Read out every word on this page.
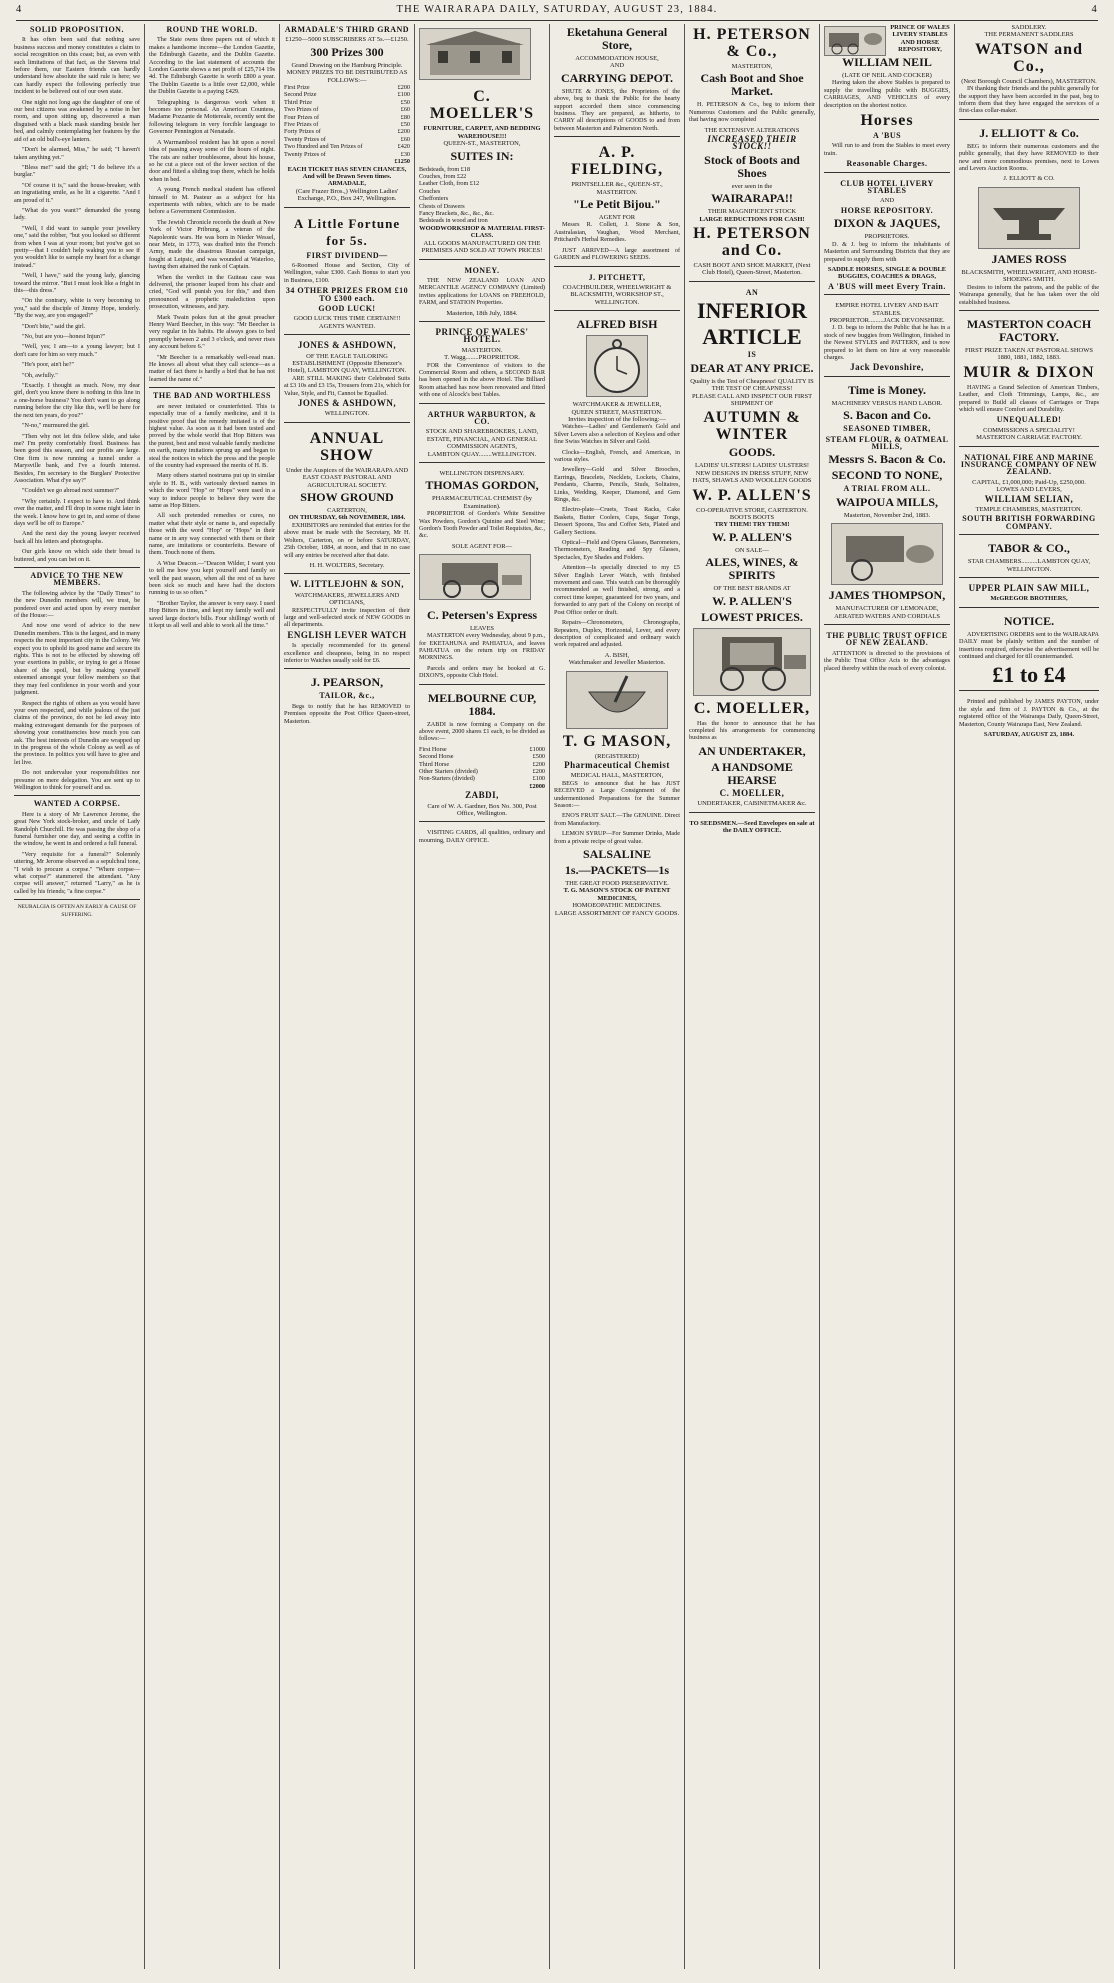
4	THE WAIRARAPA DAILY, SATURDAY, AUGUST 23, 1884.	4
SOLID PROPOSITION.

It has often been said that nothing save business success and money constitutes a claim to social recognition on this coast; but, as even with such limitations of that fact, as the Stevens trial before them, our Eastern friends can hardly understand how absolute the said rule is here; we can hardly expect the following perfectly true incident to be believed out of our own state.

One night not long ago the daughter of one of our best citizens was awakened by a noise in her room, and upon sitting up, discovered a man disguised with a black mask standing beside her bed, and calmly contemplating her features by the aid of an old bull's-eye lantern.

"Don't be alarmed, Miss," he said; "I haven't taken anything yet."

"Bless me!" said the girl; "I do believe it's a burglar."

"Of course it is," said the house-breaker, with an ingratiating smile, as he lit a cigarette. "And I am proud of it."

"What do you want?" demanded the young lady.

"Well, I did want to sample your jewellery one," said the robber, "but you looked so different from when I was at your room; but you've got so pretty—that I couldn't help waking you to see if you wouldn't like to sample my heart for a change instead."

"Well, I have," said the young lady, glancing toward the mirror. "But I must look like a fright in this—this dress."

"On the contrary, white is very becoming to you," said the disciple of Jimmy Hope, tenderly. "By the way, are you engaged?"

"Don't bite," said the girl.

"No, but are you—honest Injun?"

"Well, yes; I am—to a young lawyer; but I don't care for him so very much."

"He's poor, ain't he?"

"Oh, awfully."

"Exactly. I thought as much. Now, my dear girl, don't you know there is nothing in this line in a one-horse business? You don't want to go along running before the city like this, we'll be here for the next ten years, do you?"

"N-no," murmured the girl.

"Then why not let this fellow slide, and take me? I'm pretty comfortably fixed. Business has been good this season, and our profits are large. One firm is now running a tunnel under a Marysville bank, and I've a fourth interest. Besides, I'm secretary to the Burglars' Protective Association. What d'ye say?"

"Couldn't we go abroad next summer?"

"Why certainly. I expect to have to. And think over the matter, and I'll drop in some night later in the week. I know how to get in, and some of these days we'll be off to Europe."

And the next day the young lawyer received back all his letters and photographs.

Our girls know on which side their bread is buttered, and you can bet on it.

ADVICE TO THE NEW MEMBERS.

The following advice by the "Daily Times" to the new Dunedin members will, we trust, be pondered over and acted upon by every member of the House:—

And now one word of advice to the new Dunedin members. This is the largest, and in many respects the most important city in the Colony. We expect you to uphold its good name and secure its rights. This is not to be effected by showing off your exertions in public, or trying to get a House share of the spoil, but by making yourself esteemed amongst your fellow members so that they may feel confidence in your worth and your judgment.

Respect the rights of others as you would have your own respected, and while jealous of the just claims of the province, do not be led away into making extravagant demands for the purposes of showing your constituencies how much you can ask. The best interests of Dunedin are wrapped up in the progress of the whole Colony as well as of the province. In politics you will have to give and let live.

Do not undervalue your responsibilities nor presume on mere delegation. You are sent up to Wellington to think for yourself and us.

WANTED A CORPSE.

Here is a story of Mr Lawrence Jerome, the great New York stock-broker, and uncle of Lady Randolph Churchill. He was passing the shop of a funeral furnisher one day, and seeing a coffin in the window, he went in and ordered a full funeral.

"Very requisite for a funeral?" Solemnly uttering, Mr Jerome observed as a sepulchral tone, "I wish to procure a corpse." "Where corpse—what corpse?" stammered the attendant. "Any corpse will answer," returned "Larry," as he is called by his friends; "a fine corpse."

NEURALGIA IS OFTEN AN EARLY & CAUSE OF SUFFERING.
ROUND THE WORLD.

The State owns three papers out of which it makes a handsome income—the London Gazette, the Edinburgh Gazette, and the Dublin Gazette. According to the last statement of accounts the London Gazette shows a net profit of £25,714 19s 4d. The Edinburgh Gazette is worth £800 a year. The Dublin Gazette is a little over £2,000, while the Dublin Gazette is a paying £429.

Telegraphing is dangerous work when it becomes too personal. An American Countess, Madame Pozzante de Mottereale, recently sent the following telegram in very forcible language to Governor Pennington at Nenatade.

A Warrnambool resident has hit upon a novel idea of passing away some of the hours of night. The rats are rather troublesome, about his house, so he cut a piece out of the lower section of the door and fitted a sliding trap there, which he holds when in bed.

A young French medical student has offered himself to M. Pasteur as a subject for his experiments with rabies, which are to be made before a Government Commission.

The Jewish Chronicle records the death at New York of Victor Pribrung, a veteran of the Napoleonic wars. He was born in Nieder Wessel, near Metz, in 1773, was drafted into the French Army, made the disastrous Russian campaign, fought at Leipsic, and was wounded at Waterloo, having then attained the rank of Captain.

When the verdict in the Guiteau case was delivered, the prisoner leaped from his chair and cried, "God will punish you for this," and then pronounced a prophetic malediction upon prosecution, witnesses, and jury.

Mark Twain pokes fun at the great preacher Henry Ward Beecher, in this way: "Mr Beecher is very regular in his habits. He always goes to bed promptly between 2 and 3 o'clock, and never rises any account before 6."

"Mr Beecher is a remarkably well-read man. He knows all about what they call science—as a matter of fact there is hardly a bird that he has not learned the name of."

THE BAD AND WORTHLESS

are never imitated or counterfeited. This is especially true of a family medicine, and it is positive proof that the remedy imitated is of the highest value. As soon as it had been tested and proved by the whole world that Hop Bitters was the purest, best and most valuable family medicine on earth, many imitations sprung up and began to steal the notices in which the press and the people of the country had expressed the merits of H. B.

Many others started nostrums put up in similar style to H. B., with variously devised names in which the word "Hop" or "Hops" were used in a way to induce people to believe they were the same as Hop Bitters.

All such pretended remedies or cures, no matter what their style or name is, and especially those with the word "Hop" or "Hops" in their name or in any way connected with them or their name, are imitations or counterfeits. Beware of them. Touch none of them.

A Wise Deacon.—"Deacon Wilder, I want you to tell me how you kept yourself and family so well the past season, when all the rest of us have been sick so much and have had the doctors running to us so often."

"Brother Taylor, the answer is very easy. I used Hop Bitters in time, and kept my family well and saved large doctor's bills. Four shillings' worth of it kept us all well and able to work all the time."

ARMADALE'S THIRD GRAND
£1250—5000 SUBSCRIBERS AT 5s.—£1250.
300 Prizes 300
Grand Drawing on the Hamburg Principle.
MONEY PRIZES TO BE DISTRIBUTED AS FOLLOWS:—
First Prize	£200
Second Prize	£100
Third Prize	£50
Two Prizes of	£60
Four Prizes of	£80
Five Prizes of	£50
Forty Prizes of	£200
Twenty Prizes of	£60
Two Hundred and Ten Prizes of	£420
Twenty Prizes of	£30
£1250
EACH TICKET HAS SEVEN CHANCES, And will be Drawn Seven times.
ARMADALE,
(Care Frazer Bros.,) Wellington Ladies' Exchange, P.O., Box 247, Wellington.
A Little Fortune for 5s.
FIRST DIVIDEND—

6-Roomed House and Section, City of Wellington, value £300. Cash Bonus to start you in Business, £100.

34 OTHER PRIZES FROM £10 TO £300 each.
GOOD LUCK!
GOOD LUCK THIS TIME CERTAIN!!!
AGENTS WANTED.
JONES & ASHDOWN,
OF THE EAGLE TAILORING ESTABLISHMENT (Opposite Ebenezer's Hotel), LAMBTON QUAY, WELLINGTON.

ARE STILL MAKING their Celebrated Suits at £3 10s and £3 15s, Trousers from 21s, which for Value, Style, and Fit, Cannot be Equalled.

JONES & ASHDOWN,
WELLINGTON.
ANNUAL SHOW
Under the Auspices of the WAIRARAPA AND EAST COAST PASTORAL AND AGRICULTURAL SOCIETY.
SHOW GROUND
CARTERTON,
ON THURSDAY, 6th NOVEMBER, 1884.

EXHIBITORS are reminded that entries for the above must be made with the Secretary, Mr H. Wolters, Carterton, on or before SATURDAY, 25th October, 1884, at noon, and that in no case will any entries be received after that date.

H. H. WOLTERS, Secretary.
W. LITTLEJOHN & SON,
WATCHMAKERS, JEWELLERS AND OPTICIANS,

RESPECTFULLY invite inspection of their large and well-selected stock of NEW GOODS in all departments.

ENGLISH LEVER WATCH

Is specially recommended for its general excellence and cheapness, being in no respect inferior to Watches usually sold for £6.

J. PEARSON,
TAILOR, &c.,

Begs to notify that he has REMOVED to Premises opposite the Post Office Queen-street, Masterton.

C. MOELLER'S
FURNITURE, CARPET, AND BEDDING WAREHOUSE!!!
QUEEN-ST., MASTERTON,
SUITES IN:
Bedsteads, from £18
Couches, from £22
Leather Cloth, from £12
Couches
Cheffoniers
Chests of Drawers
Fancy Brackets, &c., &c., &c.
Bedsteads in wood and iron
WOODWORKSHOP & MATERIAL FIRST-CLASS.
ALL GOODS MANUFACTURED ON THE PREMISES AND SOLD AT TOWN PRICES!
MONEY.

THE NEW ZEALAND LOAN AND MERCANTILE AGENCY COMPANY (Limited) invites applications for LOANS on FREEHOLD, FARM, and STATION Properties.

Masterton, 18th July, 1884.
PRINCE OF WALES' HOTEL.
MASTERTON.
T. Wagg........PROPRIETOR.

FOR the Convenience of visitors to the Commercial Room and others, a SECOND BAR has been opened in the above Hotel. The Billiard Room attached has now been renovated and fitted with one of Alcock's best Tables.

ARTHUR WARBURTON, & CO.
STOCK AND SHAREBROKERS, LAND, ESTATE, FINANCIAL, AND GENERAL COMMISSION AGENTS,
LAMBTON QUAY........WELLINGTON.
WELLINGTON DISPENSARY.
THOMAS GORDON,
PHARMACEUTICAL CHEMIST (by Examination).

PROPRIETOR of Gordon's White Sensitive Wax Powders, Gordon's Quinine and Steel Wine; Gordon's Tooth Powder and Toilet Requisites, &c., &c.

SOLE AGENT FOR—
C. Petersen's Express
LEAVES

MASTERTON every Wednesday, about 9 p.m., for EKETAHUNA and PAHIATUA, and leaves PAHIATUA on the return trip on FRIDAY MORNINGS.

Parcels and orders may be booked at G. DIXON'S, opposite Club Hotel.

MELBOURNE CUP, 1884.

ZABDI is now forming a Company on the above event, 2000 shares £1 each, to be divided as follows:—

First Horse	£1000
Second Horse	£500
Third Horse	£200
Other Starters (divided)	£200
Non-Starters (divided)	£100
£2000
ZABDI,
Care of W. A. Gardner, Box No. 300, Post Office, Wellington.

VISITING CARDS, all qualities, ordinary and mourning, DAILY OFFICE.

Eketahuna General Store,
ACCOMMODATION HOUSE,
AND
CARRYING DEPOT.

SHUTE & JONES, the Proprietors of the above, beg to thank the Public for the hearty support accorded them since commencing business. They are prepared, as hitherto, to CARRY all descriptions of GOODS to and from between Masterton and Palmerston North.

A. P. FIELDING,
PRINTSELLER &c., QUEEN-ST., MASTERTON.
"Le Petit Bijou."
AGENT FOR

Messrs R. Collett, J. Stone & Son, Australasian, Vaughan, Wood Merchant, Pritchard's Herbal Remedies.

JUST ARRIVED—A large assortment of GARDEN and FLOWERING SEEDS.

J. PITCHETT,
COACHBUILDER, WHEELWRIGHT & BLACKSMITH, WORKSHOP ST., WELLINGTON.
ALFRED BISH
WATCHMAKER & JEWELLER,
QUEEN STREET, MASTERTON.
Invites inspection of the following:—

Watches—Ladies' and Gentlemen's Gold and Silver Levers also a selection of Keyless and other fine Swiss Watches in Silver and Gold.

Clocks—English, French, and American, in various styles.

Jewellery—Gold and Silver Brooches, Earrings, Bracelets, Necklets, Lockets, Chains, Pendants, Charms, Pencils, Studs, Solitaires, Links, Wedding, Keeper, Diamond, and Gem Rings, &c.

Electro-plate—Cruets, Toast Racks, Cake Baskets, Butter Coolers, Cups, Sugar Tongs, Dessert Spoons, Tea and Coffee Sets, Plated and Gallery Sections.

Optical—Field and Opera Glasses, Barometers, Thermometers, Reading and Spy Glasses, Spectacles, Eye Shades and Folders.

Attention—Is specially directed to my £5 Silver English Lever Watch, with finished movement and case. This watch can be thoroughly recommended as well finished, strong, and a correct time keeper, guaranteed for two years, and forwarded to any part of the Colony on receipt of Post Office order or draft.

Repairs—Chronometers, Chronographs, Repeaters, Duplex, Horizontal, Lever, and every description of complicated and ordinary watch work repaired and adjusted.

A. BISH,
Watchmaker and Jeweller Masterton.
T. G MASON,
(REGISTERED)
Pharmaceutical Chemist
MEDICAL HALL, MASTERTON,

BEGS to announce that he has JUST RECEIVED a Large Consignment of the undermentioned Preparations for the Summer Season:—

ENO'S FRUIT SALT.—The GENUINE. Direct from Manufactory.

LEMON SYRUP—For Summer Drinks, Made from a private recipe of great value.

SALSALINE
1s.—PACKETS—1s
THE GREAT FOOD PRESERVATIVE.
T. G. MASON'S STOCK OF PATENT MEDICINES,
HOMOEOPATHIC MEDICINES.
LARGE ASSORTMENT OF FANCY GOODS.
H. PETERSON & Co.,
MASTERTON,
Cash Boot and Shoe Market.

H. PETERSON & Co., beg to inform their Numerous Customers and the Public generally, that having now completed

THE EXTENSIVE ALTERATIONS
INCREASED THEIR STOCK!!
Stock of Boots and Shoes
ever seen in the
WAIRARAPA!!
THEIR MAGNIFICENT STOCK
LARGE REDUCTIONS FOR CASH!
H. PETERSON and Co.
CASH BOOT AND SHOE MARKET, (Next Club Hotel), Queen-Street, Masterton.
AN
INFERIOR
ARTICLE
IS
DEAR AT ANY PRICE.
Quality is the Test of Cheapness! QUALITY IS THE TEST OF CHEAPNESS!
PLEASE CALL AND INSPECT OUR FIRST SHIPMENT OF
AUTUMN & WINTER
GOODS.
LADIES' ULSTERS! LADIES' ULSTERS!
NEW DESIGNS IN DRESS STUFF, NEW HATS, SHAWLS AND WOOLLEN GOODS
W. P. ALLEN'S
CO-OPERATIVE STORE, CARTERTON.
BOOTS BOOTS
TRY THEM! TRY THEM!
W. P. ALLEN'S
ON SALE—
ALES, WINES, & SPIRITS
OF THE BEST BRANDS AT
W. P. ALLEN'S
LOWEST PRICES.
C. MOELLER,

Has the honor to announce that he has completed his arrangements for commencing business as

AN UNDERTAKER,
A HANDSOME HEARSE
C. MOELLER,
UNDERTAKER, CABINETMAKER &c.
TO SEEDSMEN.—Seed Envelopes on sale at the DAILY OFFICE.
PRINCE OF WALES LIVERY STABLES AND HORSE REPOSITORY,
WILLIAM NEIL
(LATE OF NEIL AND COCKER)

Having taken the above Stables is prepared to supply the travelling public with BUGGIES, CARRIAGES, AND VEHICLES of every description on the shortest notice.

Horses
A 'BUS

Will run to and from the Stables to meet every train.

Reasonable Charges.
CLUB HOTEL LIVERY STABLES
AND
HORSE REPOSITORY.
DIXON & JAQUES,
PROPRIETORS.

D. & J. beg to inform the inhabitants of Masterton and Surrounding Districts that they are prepared to supply them with

SADDLE HORSES, SINGLE & DOUBLE BUGGIES, COACHES & DRAGS,
A 'BUS will meet Every Train.
EMPIRE HOTEL LIVERY AND BAIT STABLES.
PROPRIETOR.........JACK DEVONSHIRE.

J. D. begs to inform the Public that he has in a stock of new buggies from Wellington, finished in the Newest STYLES and PATTERN, and is now prepared to let them on hire at very reasonable charges.

Jack Devonshire,
Time is Money.
MACHINERY VERSUS HAND LABOR.
S. Bacon and Co.
SEASONED TIMBER,
STEAM FLOUR, & OATMEAL MILLS,
Messrs S. Bacon & Co.
SECOND TO NONE,
A TRIAL FROM ALL.
WAIPOUA MILLS,
Masterton, November 2nd, 1883.
JAMES THOMPSON,
MANUFACTURER OF LEMONADE, AERATED WATERS AND CORDIALS
THE PUBLIC TRUST OFFICE OF NEW ZEALAND.

ATTENTION is directed to the provisions of the Public Trust Office Acts to the advantages placed thereby within the reach of every colonist.

SADDLERY.
THE PERMANENT SADDLERS
WATSON and Co.,
(Next Borough Council Chambers), MASTERTON.

IN thanking their friends and the public generally for the support they have been accorded in the past, beg to inform them that they have engaged the services of a first-class collar-maker.

J. ELLIOTT & Co.

BEG to inform their numerous customers and the public generally, that they have REMOVED to their new and more commodious premises, next to Lowes and Levers Auction Rooms.

J. ELLIOTT & CO.
JAMES ROSS
BLACKSMITH, WHEELWRIGHT, AND HORSE-SHOEING SMITH.

Desires to inform the patrons, and the public of the Wairarapa generally, that he has taken over the old established business.

MASTERTON COACH FACTORY.
FIRST PRIZE TAKEN AT PASTORAL SHOWS 1880, 1881, 1882, 1883.
MUIR & DIXON

HAVING a Grand Selection of American Timbers, Leather, and Cloth Trimmings, Lamps, &c., are prepared to Build all classes of Carriages or Traps which will ensure Comfort and Durability.

UNEQUALLED!
COMMISSIONS A SPECIALITY!
MASTERTON CARRIAGE FACTORY.
NATIONAL FIRE AND MARINE INSURANCE COMPANY OF NEW ZEALAND.
CAPITAL, £1,000,000; Paid-Up, £250,000.
LOWES AND LEVERS,
WILLIAM SELIAN,
TEMPLE CHAMBERS, MASTERTON.
SOUTH BRITISH FORWARDING COMPANY.
TABOR & CO.,
STAR CHAMBERS..........LAMBTON QUAY, WELLINGTON.
UPPER PLAIN SAW MILL,
McGREGOR BROTHERS,
NOTICE.

ADVERTISING ORDERS sent to the WAIRARAPA DAILY must be plainly written and the number of insertions required, otherwise the advertisement will be continued and charged for till countermanded.

£1 to £4

Printed and published by JAMES PAYTON, under the style and firm of J. PAYTON & Co., at the registered office of the Wairarapa Daily, Queen-Street, Masterton, County Wairarapa East, New Zealand.

SATURDAY, AUGUST 23, 1884.
